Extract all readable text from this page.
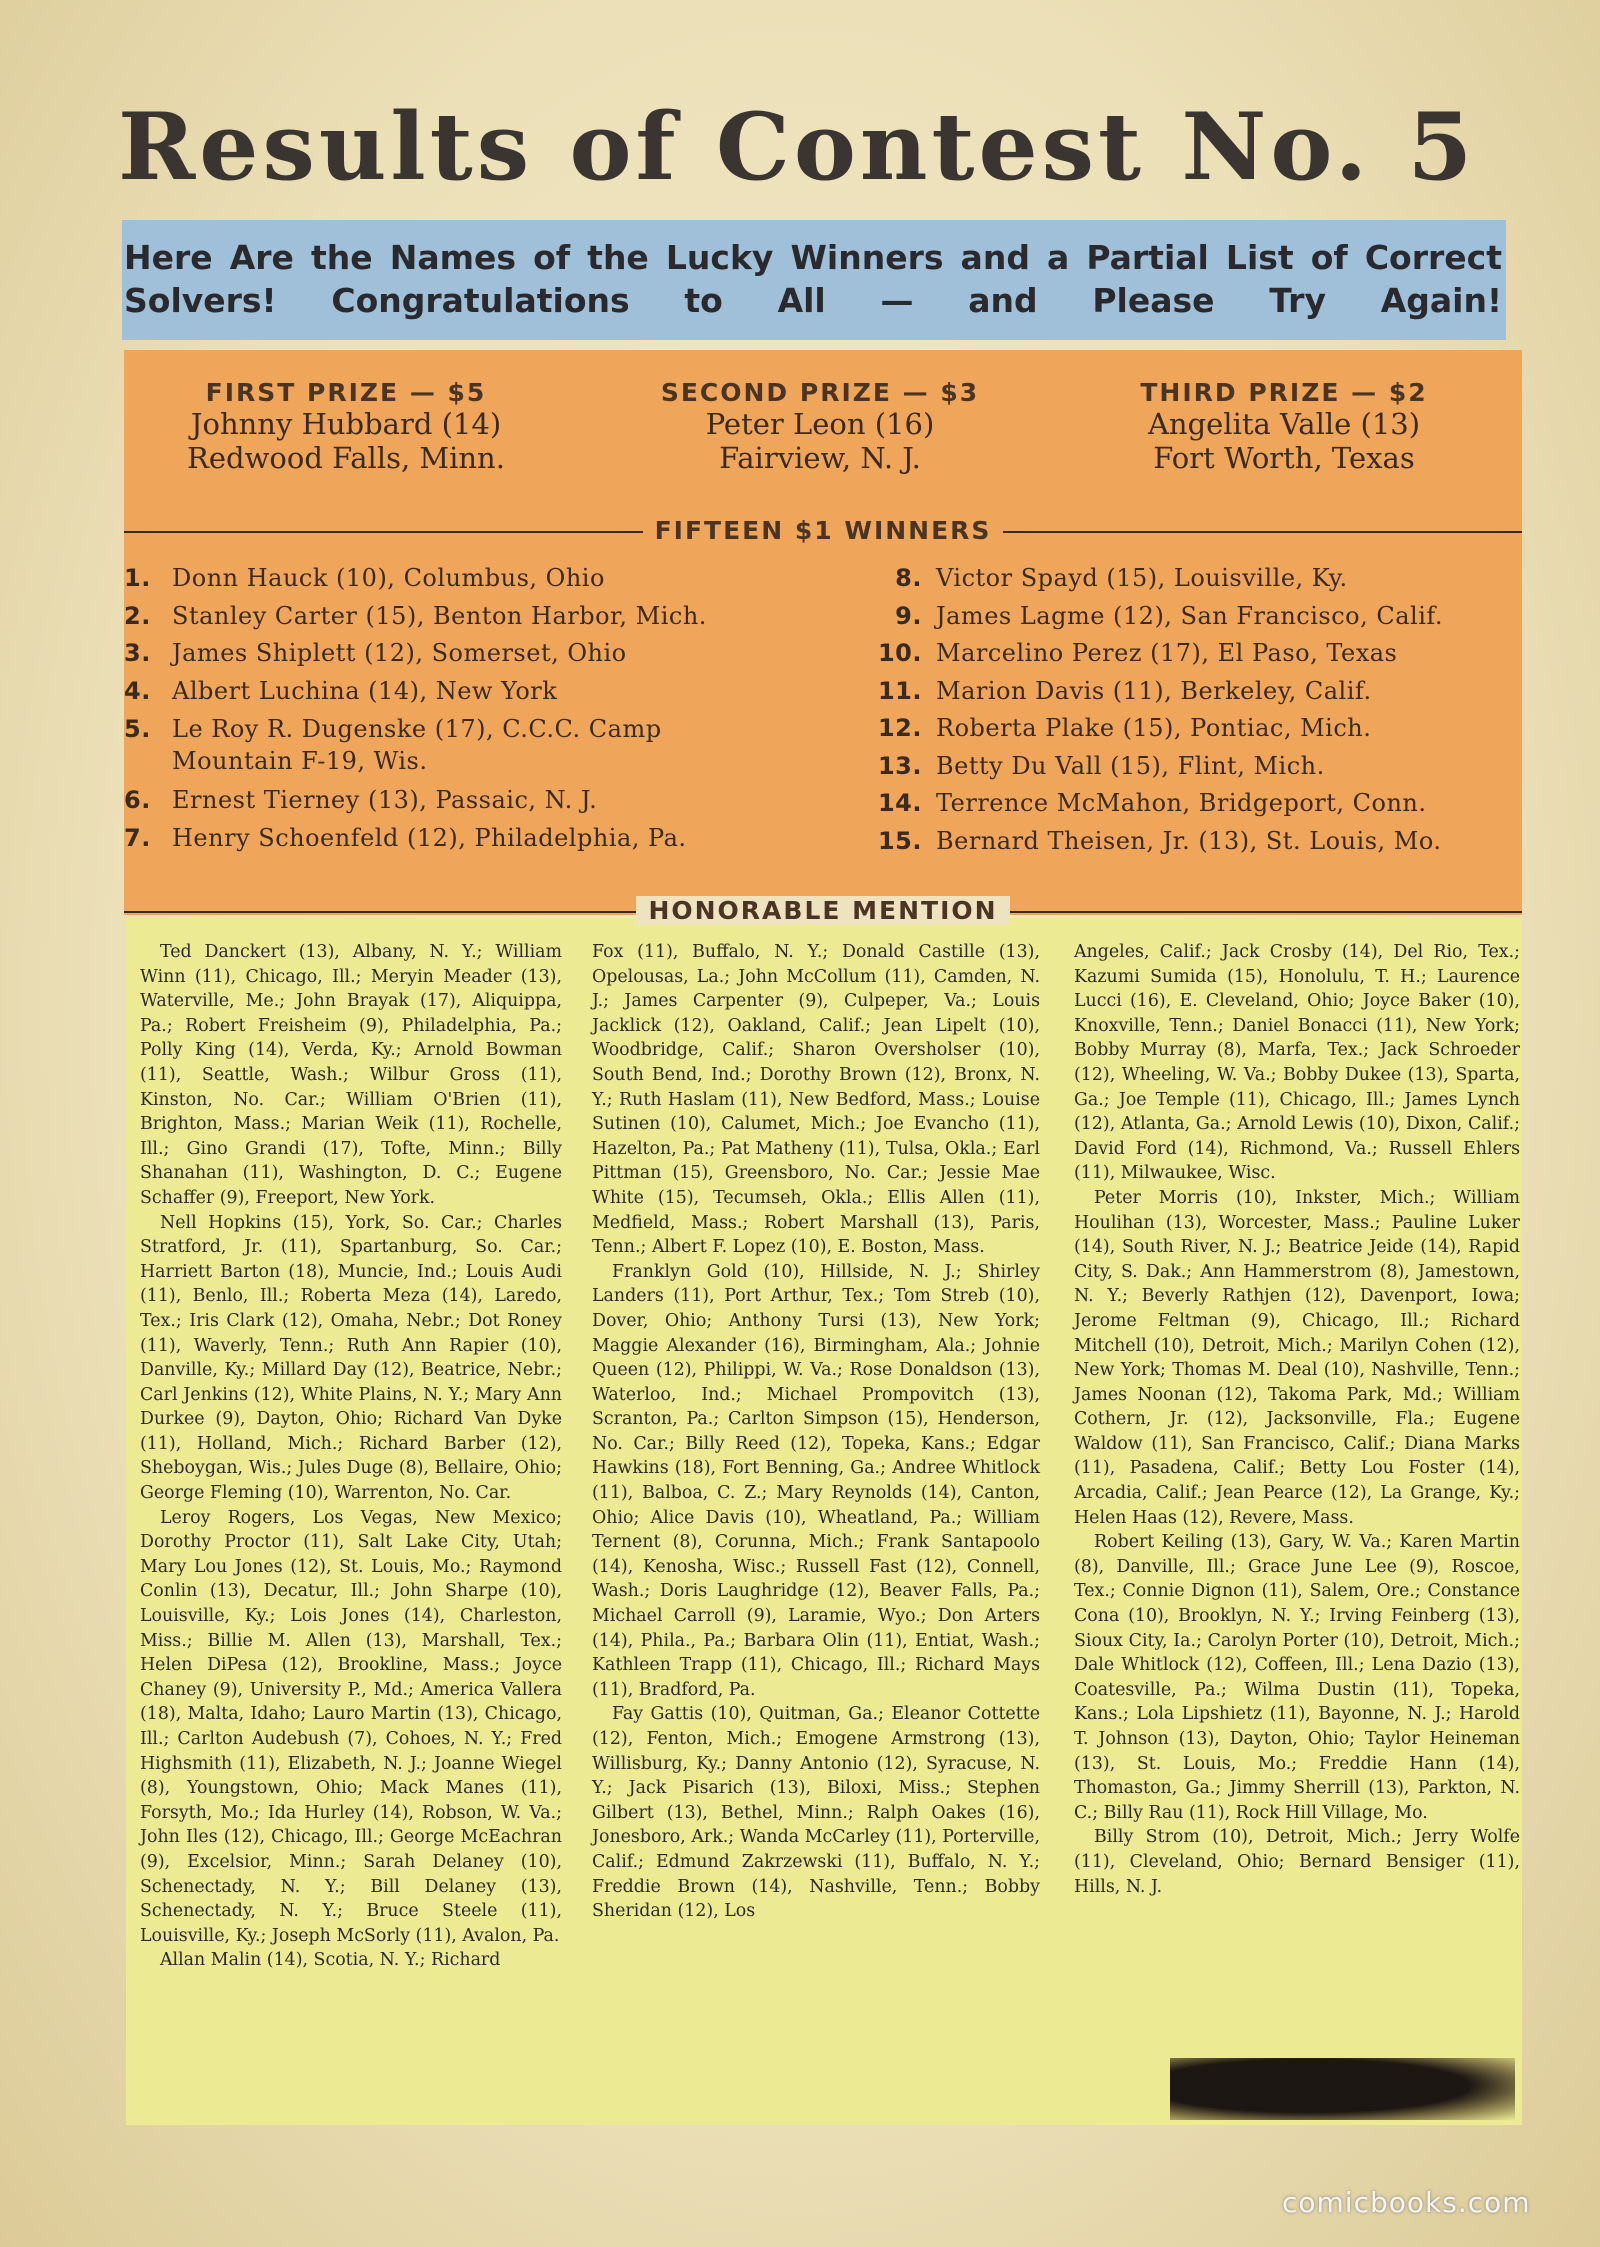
Results of Contest No. 5

Here Are the Names of the Lucky Winners and a Partial List of Correct Solvers! Congratulations to All — and Please Try Again!

FIRST PRIZE — $5
Johnny Hubbard (14)
Redwood Falls, Minn.
SECOND PRIZE — $3
Peter Leon (16)
Fairview, N. J.
THIRD PRIZE — $2
Angelita Valle (13)
Fort Worth, Texas
FIFTEEN $1 WINNERS
1. Donn Hauck (10), Columbus, Ohio
2. Stanley Carter (15), Benton Harbor, Mich.
3. James Shiplett (12), Somerset, Ohio
4. Albert Luchina (14), New York
5. Le Roy R. Dugenske (17), C.C.C. Camp Mountain F-19, Wis.
6. Ernest Tierney (13), Passaic, N. J.
7. Henry Schoenfeld (12), Philadelphia, Pa.
8. Victor Spayd (15), Louisville, Ky.
9. James Lagme (12), San Francisco, Calif.
10. Marcelino Perez (17), El Paso, Texas
11. Marion Davis (11), Berkeley, Calif.
12. Roberta Plake (15), Pontiac, Mich.
13. Betty Du Vall (15), Flint, Mich.
14. Terrence McMahon, Bridgeport, Conn.
15. Bernard Theisen, Jr. (13), St. Louis, Mo.
HONORABLE MENTION

Ted Danckert (13), Albany, N. Y.; William Winn (11), Chicago, Ill.; Meryin Meader (13), Waterville, Me.; John Brayak (17), Aliquippa, Pa.; Robert Freisheim (9), Philadelphia, Pa.; Polly King (14), Verda, Ky.; Arnold Bowman (11), Seattle, Wash.; Wilbur Gross (11), Kinston, No. Car.; William O'Brien (11), Brighton, Mass.; Marian Weik (11), Rochelle, Ill.; Gino Grandi (17), Tofte, Minn.; Billy Shanahan (11), Washington, D. C.; Eugene Schaffer (9), Freeport, New York.

Nell Hopkins (15), York, So. Car.; Charles Stratford, Jr. (11), Spartanburg, So. Car.; Harriett Barton (18), Muncie, Ind.; Louis Audi (11), Benlo, Ill.; Roberta Meza (14), Laredo, Tex.; Iris Clark (12), Omaha, Nebr.; Dot Roney (11), Waverly, Tenn.; Ruth Ann Rapier (10), Danville, Ky.; Millard Day (12), Beatrice, Nebr.; Carl Jenkins (12), White Plains, N. Y.; Mary Ann Durkee (9), Dayton, Ohio; Richard Van Dyke (11), Holland, Mich.; Richard Barber (12), Sheboygan, Wis.; Jules Duge (8), Bellaire, Ohio; George Fleming (10), Warrenton, No. Car.

Leroy Rogers, Los Vegas, New Mexico; Dorothy Proctor (11), Salt Lake City, Utah; Mary Lou Jones (12), St. Louis, Mo.; Raymond Conlin (13), Decatur, Ill.; John Sharpe (10), Louisville, Ky.; Lois Jones (14), Charleston, Miss.; Billie M. Allen (13), Marshall, Tex.; Helen DiPesa (12), Brookline, Mass.; Joyce Chaney (9), University P., Md.; America Vallera (18), Malta, Idaho; Lauro Martin (13), Chicago, Ill.; Carlton Audebush (7), Cohoes, N. Y.; Fred Highsmith (11), Elizabeth, N. J.; Joanne Wiegel (8), Youngstown, Ohio; Mack Manes (11), Forsyth, Mo.; Ida Hurley (14), Robson, W. Va.; John Iles (12), Chicago, Ill.; George McEachran (9), Excelsior, Minn.; Sarah Delaney (10), Schenectady, N. Y.; Bill Delaney (13), Schenectady, N. Y.; Bruce Steele (11), Louisville, Ky.; Joseph McSorly (11), Avalon, Pa.

Allan Malin (14), Scotia, N. Y.; Richard

Fox (11), Buffalo, N. Y.; Donald Castille (13), Opelousas, La.; John McCollum (11), Camden, N. J.; James Carpenter (9), Culpeper, Va.; Louis Jacklick (12), Oakland, Calif.; Jean Lipelt (10), Woodbridge, Calif.; Sharon Oversholser (10), South Bend, Ind.; Dorothy Brown (12), Bronx, N. Y.; Ruth Haslam (11), New Bedford, Mass.; Louise Sutinen (10), Calumet, Mich.; Joe Evancho (11), Hazelton, Pa.; Pat Matheny (11), Tulsa, Okla.; Earl Pittman (15), Greensboro, No. Car.; Jessie Mae White (15), Tecumseh, Okla.; Ellis Allen (11), Medfield, Mass.; Robert Marshall (13), Paris, Tenn.; Albert F. Lopez (10), E. Boston, Mass.

Franklyn Gold (10), Hillside, N. J.; Shirley Landers (11), Port Arthur, Tex.; Tom Streb (10), Dover, Ohio; Anthony Tursi (13), New York; Maggie Alexander (16), Birmingham, Ala.; Johnie Queen (12), Philippi, W. Va.; Rose Donaldson (13), Waterloo, Ind.; Michael Prompovitch (13), Scranton, Pa.; Carlton Simpson (15), Henderson, No. Car.; Billy Reed (12), Topeka, Kans.; Edgar Hawkins (18), Fort Benning, Ga.; Andree Whitlock (11), Balboa, C. Z.; Mary Reynolds (14), Canton, Ohio; Alice Davis (10), Wheatland, Pa.; William Ternent (8), Corunna, Mich.; Frank Santapoolo (14), Kenosha, Wisc.; Russell Fast (12), Connell, Wash.; Doris Laughridge (12), Beaver Falls, Pa.; Michael Carroll (9), Laramie, Wyo.; Don Arters (14), Phila., Pa.; Barbara Olin (11), Entiat, Wash.; Kathleen Trapp (11), Chicago, Ill.; Richard Mays (11), Bradford, Pa.

Fay Gattis (10), Quitman, Ga.; Eleanor Cottette (12), Fenton, Mich.; Emogene Armstrong (13), Willisburg, Ky.; Danny Antonio (12), Syracuse, N. Y.; Jack Pisarich (13), Biloxi, Miss.; Stephen Gilbert (13), Bethel, Minn.; Ralph Oakes (16), Jonesboro, Ark.; Wanda McCarley (11), Porterville, Calif.; Edmund Zakrzewski (11), Buffalo, N. Y.; Freddie Brown (14), Nashville, Tenn.; Bobby Sheridan (12), Los

Angeles, Calif.; Jack Crosby (14), Del Rio, Tex.; Kazumi Sumida (15), Honolulu, T. H.; Laurence Lucci (16), E. Cleveland, Ohio; Joyce Baker (10), Knoxville, Tenn.; Daniel Bonacci (11), New York; Bobby Murray (8), Marfa, Tex.; Jack Schroeder (12), Wheeling, W. Va.; Bobby Dukee (13), Sparta, Ga.; Joe Temple (11), Chicago, Ill.; James Lynch (12), Atlanta, Ga.; Arnold Lewis (10), Dixon, Calif.; David Ford (14), Richmond, Va.; Russell Ehlers (11), Milwaukee, Wisc.

Peter Morris (10), Inkster, Mich.; William Houlihan (13), Worcester, Mass.; Pauline Luker (14), South River, N. J.; Beatrice Jeide (14), Rapid City, S. Dak.; Ann Hammerstrom (8), Jamestown, N. Y.; Beverly Rathjen (12), Davenport, Iowa; Jerome Feltman (9), Chicago, Ill.; Richard Mitchell (10), Detroit, Mich.; Marilyn Cohen (12), New York; Thomas M. Deal (10), Nashville, Tenn.; James Noonan (12), Takoma Park, Md.; William Cothern, Jr. (12), Jacksonville, Fla.; Eugene Waldow (11), San Francisco, Calif.; Diana Marks (11), Pasadena, Calif.; Betty Lou Foster (14), Arcadia, Calif.; Jean Pearce (12), La Grange, Ky.; Helen Haas (12), Revere, Mass.

Robert Keiling (13), Gary, W. Va.; Karen Martin (8), Danville, Ill.; Grace June Lee (9), Roscoe, Tex.; Connie Dignon (11), Salem, Ore.; Constance Cona (10), Brooklyn, N. Y.; Irving Feinberg (13), Sioux City, Ia.; Carolyn Porter (10), Detroit, Mich.; Dale Whitlock (12), Coffeen, Ill.; Lena Dazio (13), Coatesville, Pa.; Wilma Dustin (11), Topeka, Kans.; Lola Lipshietz (11), Bayonne, N. J.; Harold T. Johnson (13), Dayton, Ohio; Taylor Heineman (13), St. Louis, Mo.; Freddie Hann (14), Thomaston, Ga.; Jimmy Sherrill (13), Parkton, N. C.; Billy Rau (11), Rock Hill Village, Mo.

Billy Strom (10), Detroit, Mich.; Jerry Wolfe (11), Cleveland, Ohio; Bernard Bensiger (11), Hills, N. J.

comicbooks.com
